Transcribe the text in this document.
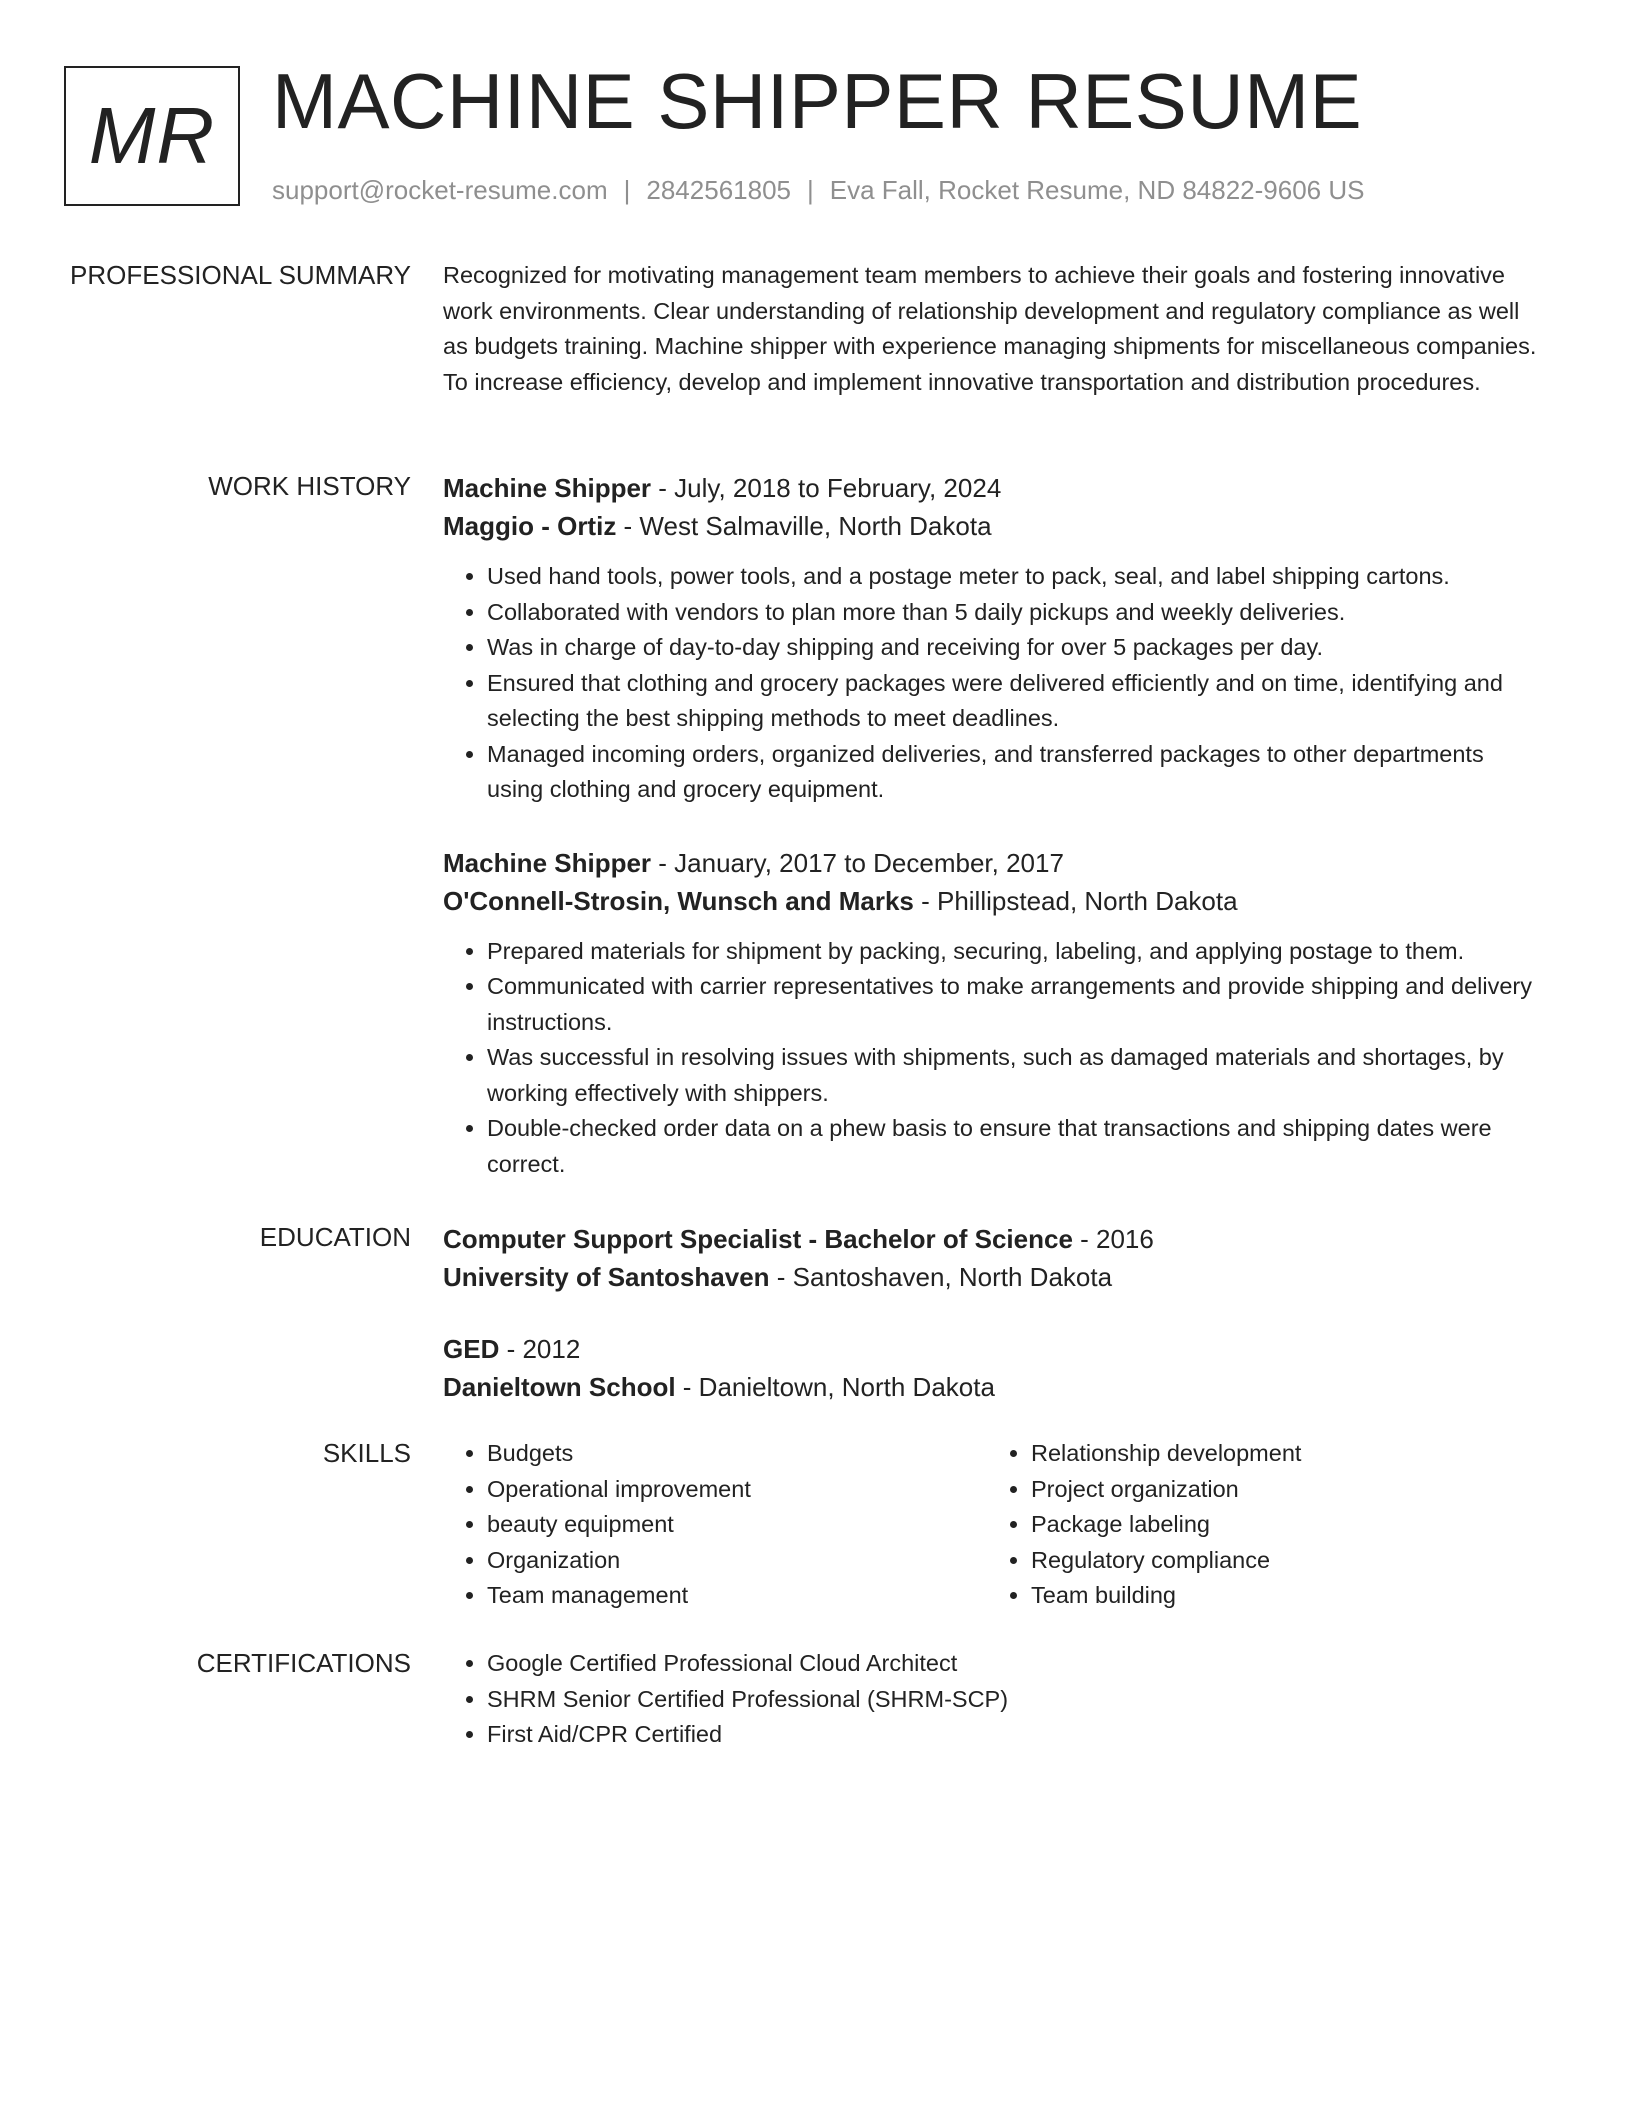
MR MACHINE SHIPPER RESUME
support@rocket-resume.com | 2842561805 | Eva Fall, Rocket Resume, ND 84822-9606 US
PROFESSIONAL SUMMARY Recognized for motivating management team members to achieve their goals and fostering innovative work environments. Clear understanding of relationship development and regulatory compliance as well as budgets training. Machine shipper with experience managing shipments for miscellaneous companies. To increase efficiency, develop and implement innovative transportation and distribution procedures.

WORK HISTORY Machine Shipper - July, 2018 to February, 2024

Maggio - Ortiz - West Salmaville, North Dakota

• Used hand tools, power tools, and a postage meter to pack, seal, and label shipping cartons.
• Collaborated with vendors to plan more than 5 daily pickups and weekly deliveries.
• Was in charge of day-to-day shipping and receiving for over 5 packages per day.
• Ensured that clothing and grocery packages were delivered efficiently and on time, identifying and selecting the best shipping methods to meet deadlines.
• Managed incoming orders, organized deliveries, and transferred packages to other departments using clothing and grocery equipment.

Machine Shipper - January, 2017 to December, 2017

O'Connell-Strosin, Wunsch and Marks - Phillipstead, North Dakota

• Prepared materials for shipment by packing, securing, labeling, and applying postage to them.
• Communicated with carrier representatives to make arrangements and provide shipping and delivery instructions.
• Was successful in resolving issues with shipments, such as damaged materials and shortages, by working effectively with shippers.
• Double-checked order data on a phew basis to ensure that transactions and shipping dates were correct.
EDUCATION Computer Support Specialist - Bachelor of Science - 2016

University of Santoshaven - Santoshaven, North Dakota

GED - 2012

Danieltown School - Danieltown, North Dakota

SKILLS	• Budgets
• Operational improvement
• beauty equipment
• Organization
• Team management
• Relationship development
• Project organization
• Package labeling
• Regulatory compliance
• Team building
CERTIFICATIONS	• Google Certified Professional Cloud Architect
• SHRM Senior Certified Professional (SHRM-SCP)
• First Aid/CPR Certified
